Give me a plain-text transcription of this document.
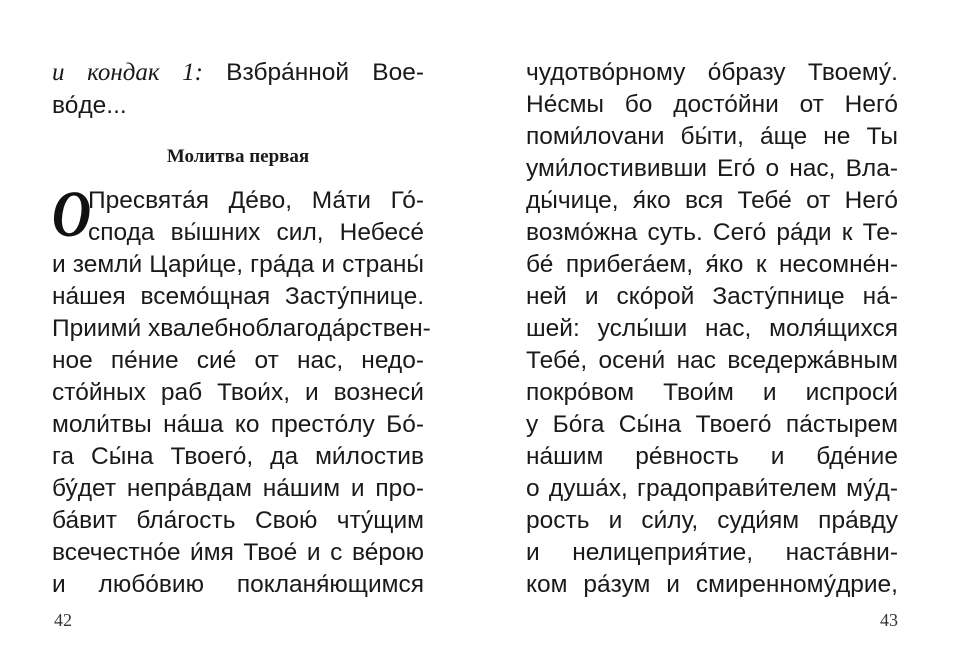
и кондак 1: Взбра́нной Вое-
во́де...
Молитва первая
О
Пресвята́я Де́во, Ма́ти Го́-
спода вы́шних сил, Небесе́
и земли́ Цари́це, гра́да и страны́
на́шея всемо́щная Засту́пнице.
Приими́ хвалебноблагода́рствен-
ное пе́ние сие́ от нас, недо-
сто́йных раб Твои́х, и вознеси́
моли́твы на́ша ко престо́лу Бо́-
га Сы́на Твоего́, да ми́лостив
бу́дет непра́вдам на́шим и про-
ба́вит бла́гость Свою́ чту́щим
всечестно́е и́мя Твое́ и с ве́рою
и любо́вию покланя́ющимся
42
чудотво́рному о́бразу Твоему́.
Не́смы бо досто́йни от Него́
поми́лovани бы́ти, а́ще не Ты
уми́лостививши Его́ о нас, Вла-
ды́чице, я́ко вся Тебе́ от Него́
возмо́жна суть. Сего́ ра́ди к Те-
бе́ прибега́ем, я́ко к несомне́н-
ней и ско́рой Засту́пнице на́-
шей: услы́ши нас, моля́щихся
Тебе́, осени́ нас вседержа́вным
покро́вом Твои́м и испроси́
у Бо́га Сы́на Твоего́ па́стырем
на́шим ре́вность и бде́ние
о душа́х, градоправи́телем му́д-
рость и си́лу, суди́ям пра́вду
и нелицеприя́тие, наста́вни-
ком ра́зум и смиренному́дрие,
43
